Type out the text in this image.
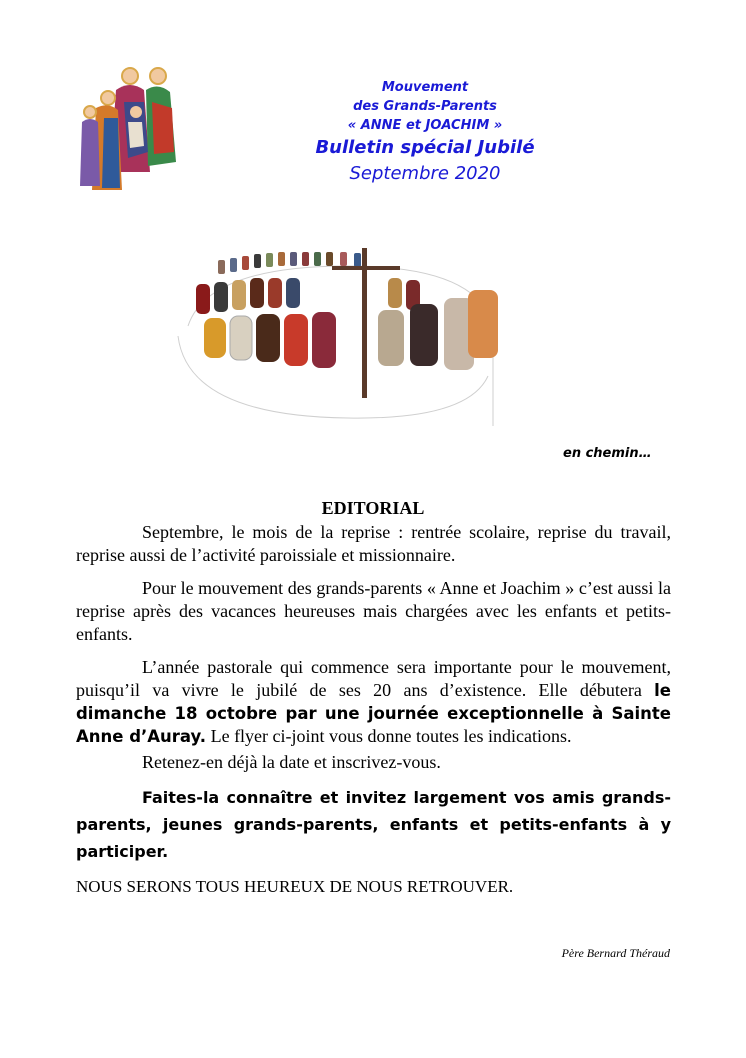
Mouvement
des Grands-Parents
« ANNE et JOACHIM »
Bulletin spécial Jubilé
Septembre 2020
en chemin…
EDITORIAL

Septembre, le mois de la reprise : rentrée scolaire, reprise du travail, reprise aussi de l’activité paroissiale et missionnaire.

Pour le mouvement des grands-parents « Anne et Joachim » c’est aussi la reprise après des vacances heureuses mais chargées avec les enfants et petits-enfants.

L’année pastorale qui commence sera importante pour le mouvement, puisqu’il va vivre le jubilé de ses 20 ans d’existence. Elle débutera le dimanche 18 octobre par une journée exceptionnelle à Sainte Anne d’Auray. Le flyer ci-joint vous donne toutes les indications.

Retenez-en déjà la date et inscrivez-vous.

Faites-la connaître et invitez largement vos amis grands-parents, jeunes grands-parents, enfants et petits-enfants à y participer.

NOUS SERONS TOUS HEUREUX DE NOUS RETROUVER.

Père Bernard Théraud
